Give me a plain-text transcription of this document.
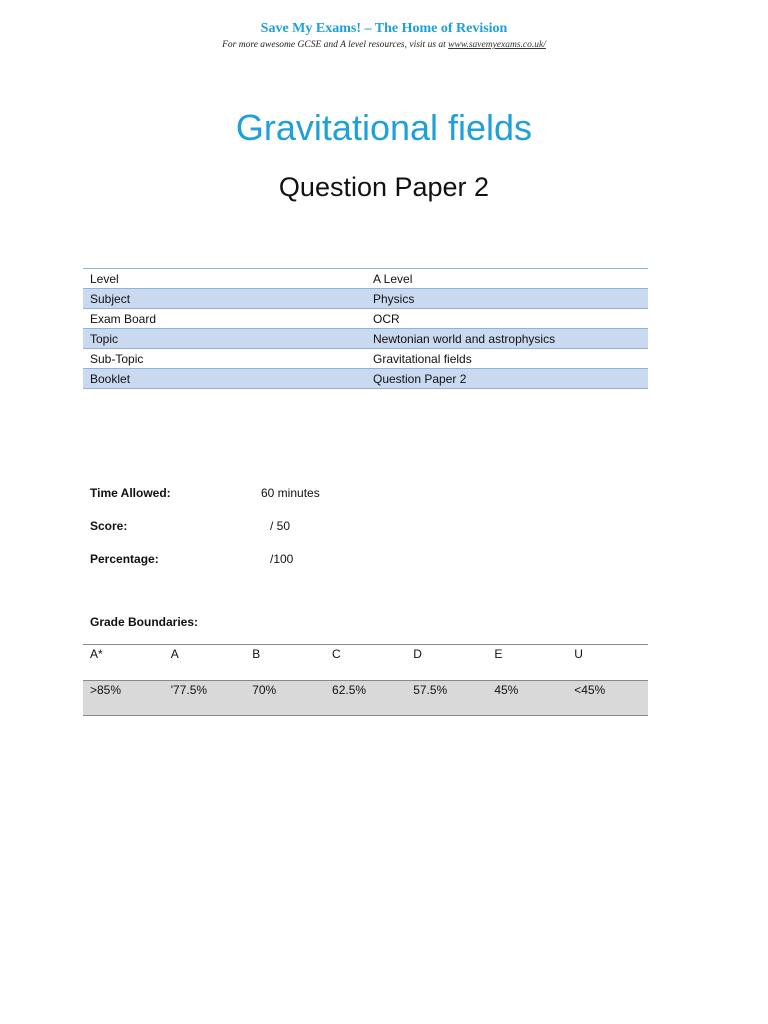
Save My Exams! – The Home of Revision
For more awesome GCSE and A level resources, visit us at www.savemyexams.co.uk/
Gravitational fields
Question Paper 2
Level	A Level
Subject	Physics
Exam Board	OCR
Topic	Newtonian world and astrophysics
Sub-Topic	Gravitational fields
Booklet	Question Paper 2
Time Allowed:	60 minutes
Score:	/ 50
Percentage:	/100
Grade Boundaries:
A*	A	B	C	D	E	U
>85%	'77.5%	70%	62.5%	57.5%	45%	<45%
